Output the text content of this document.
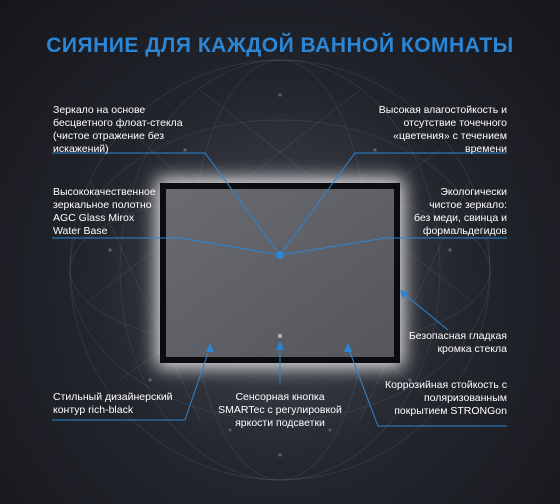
СИЯНИЕ ДЛЯ КАЖДОЙ ВАННОЙ КОМНАТЫ
Зеркало на основе
бесцветного флоат-стекла
(чистое отражение без
искажений)
Высокая влагостойкость и
отсутствие точечного
«цветения» с течением
времени
Высококачественное
зеркальное полотно
AGC Glass Mirox
Water Base
Экологически
чистое зеркало:
без меди, свинца и
формальдегидов
Безопасная гладкая
кромка стекла
Стильный дизайнерский
контур rich-black
Сенсорная кнопка
SMARTec с регулировкой
яркости подсветки
Коррозийная стойкость с
поляризованным
покрытием STRONGon
